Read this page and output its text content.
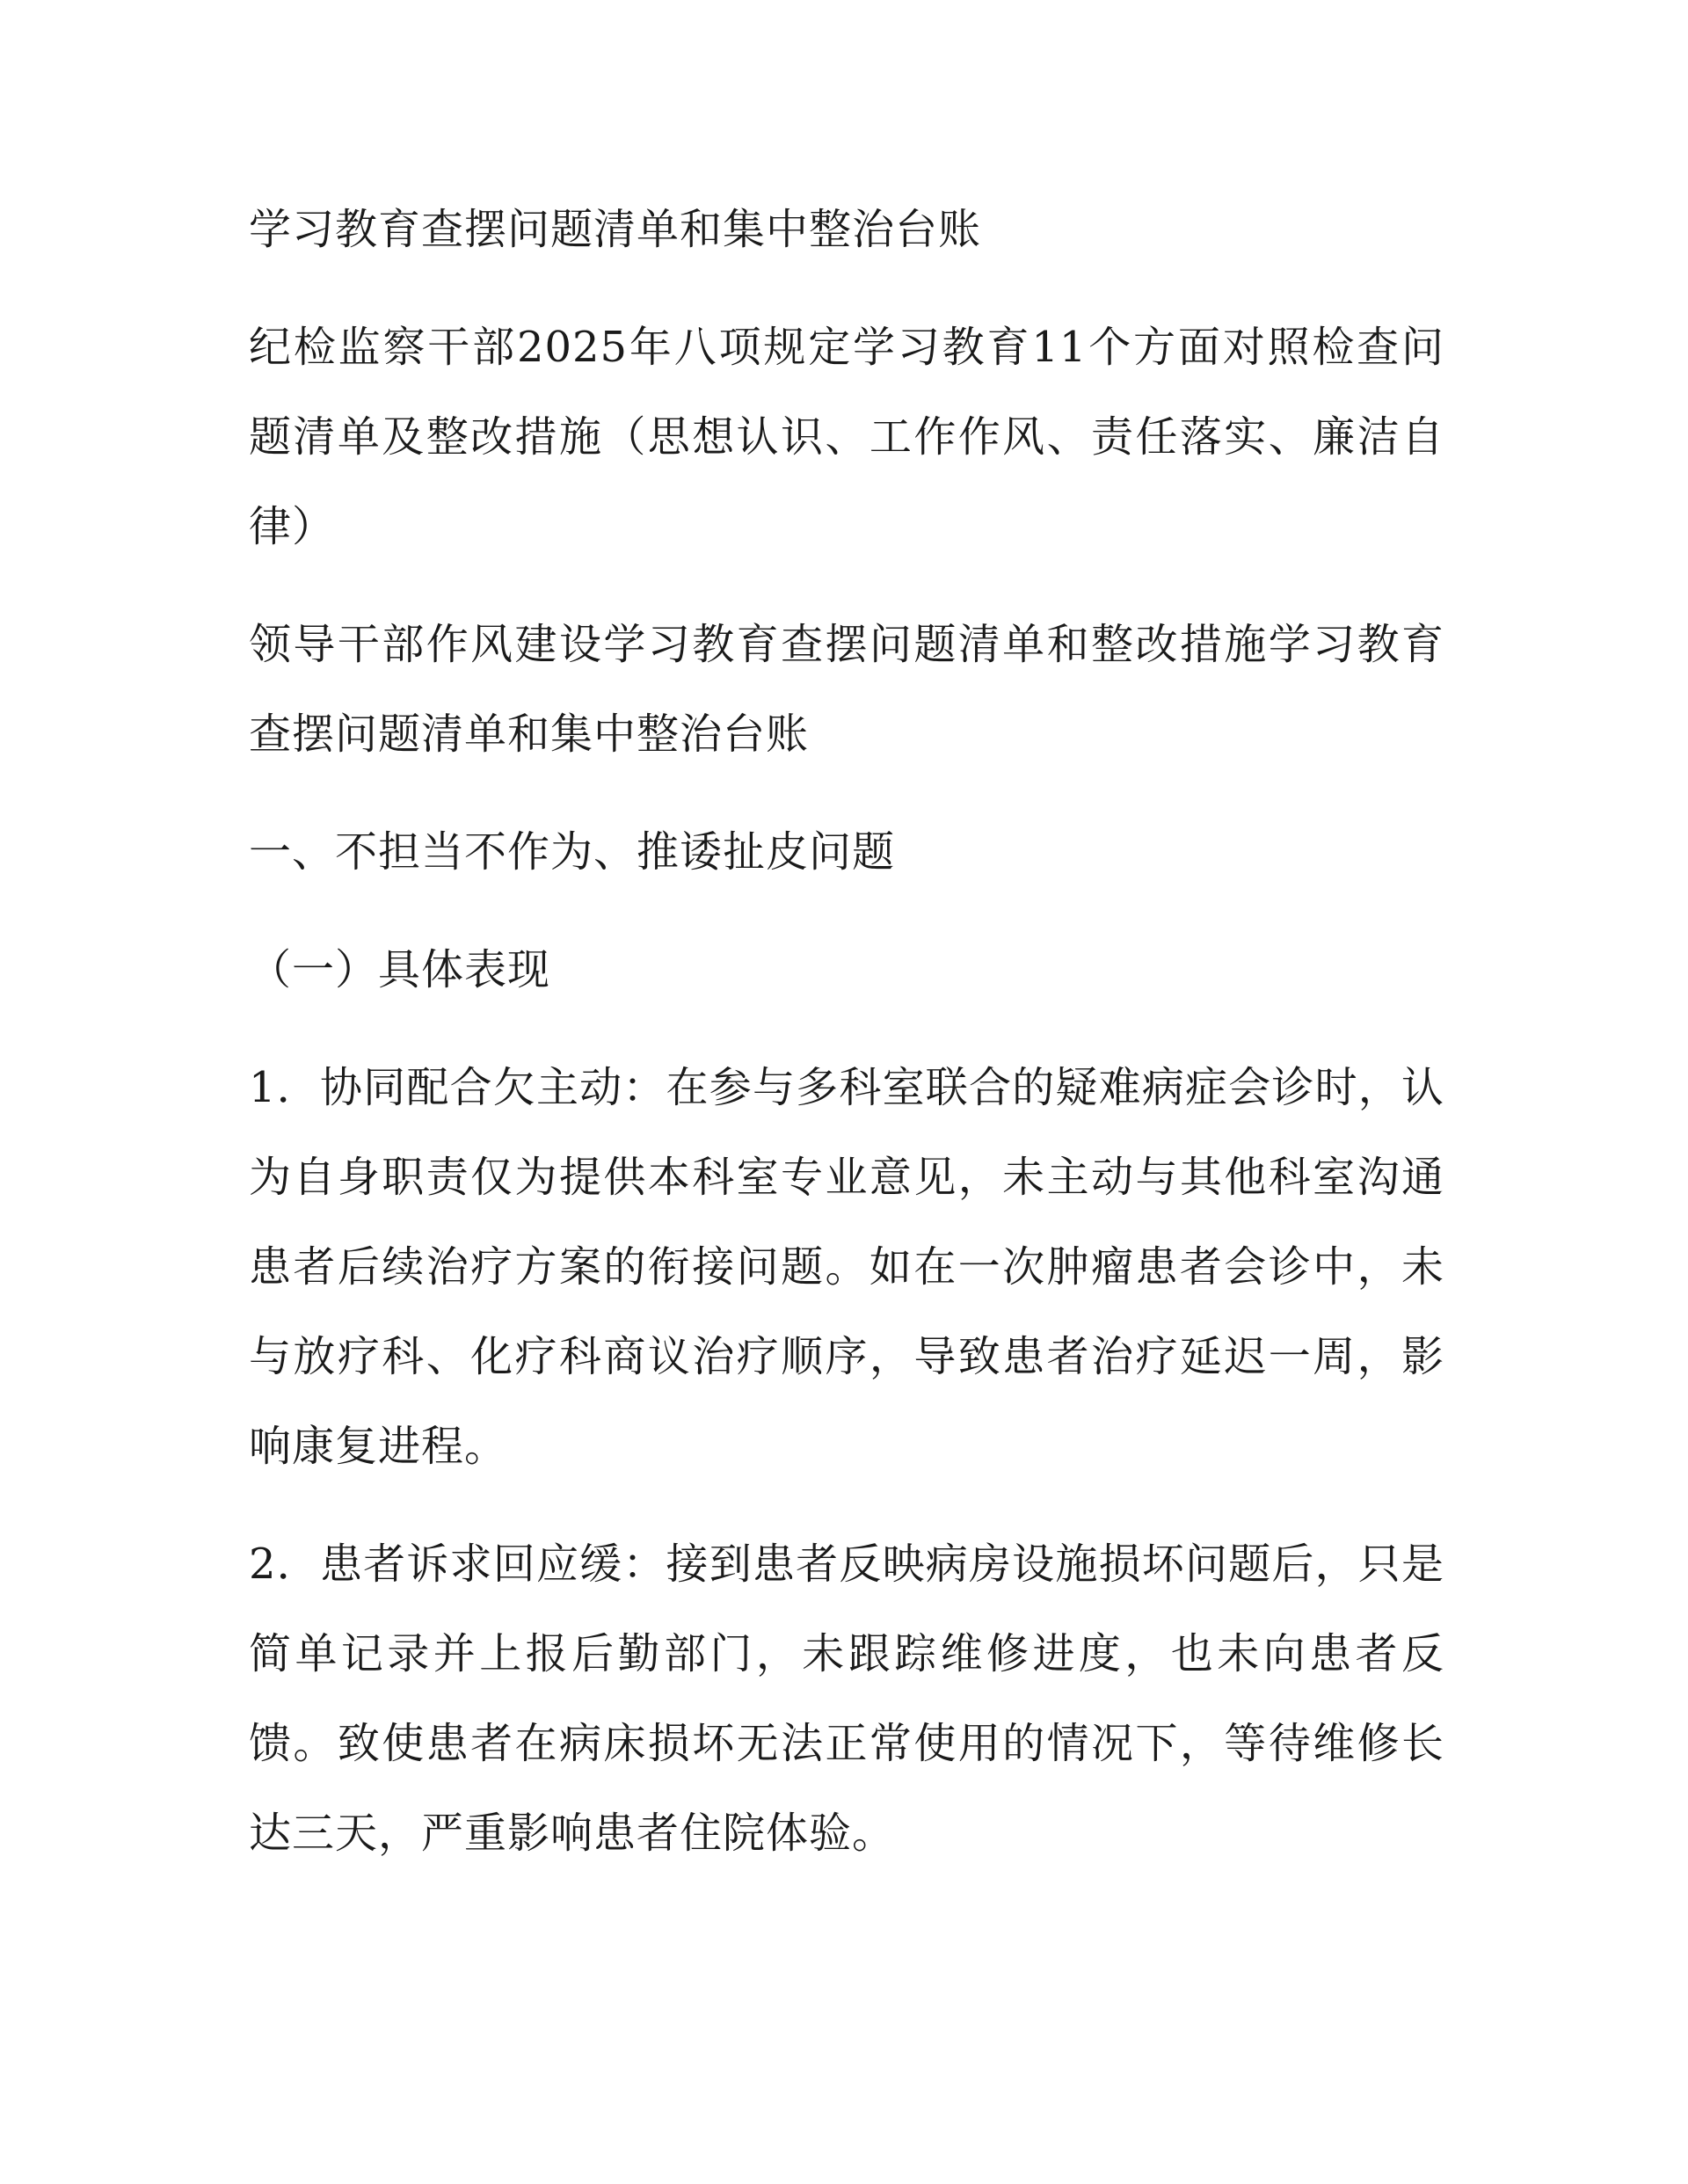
学习教育查摆问题清单和集中整治台账

纪检监察干部2025年八项规定学习教育11个方面对照检查问题清单及整改措施（思想认识、工作作风、责任落实、廉洁自律）

领导干部作风建设学习教育查摆问题清单和整改措施学习教育查摆问题清单和集中整治台账

一、不担当不作为、推诿扯皮问题

（一）具体表现

1．协同配合欠主动：在参与多科室联合的疑难病症会诊时，认为自身职责仅为提供本科室专业意见，未主动与其他科室沟通患者后续治疗方案的衔接问题。如在一次肿瘤患者会诊中，未与放疗科、化疗科商议治疗顺序，导致患者治疗延迟一周，影响康复进程。

2．患者诉求回应缓：接到患者反映病房设施损坏问题后，只是简单记录并上报后勤部门，未跟踪维修进度，也未向患者反馈。致使患者在病床损坏无法正常使用的情况下，等待维修长达三天，严重影响患者住院体验。
